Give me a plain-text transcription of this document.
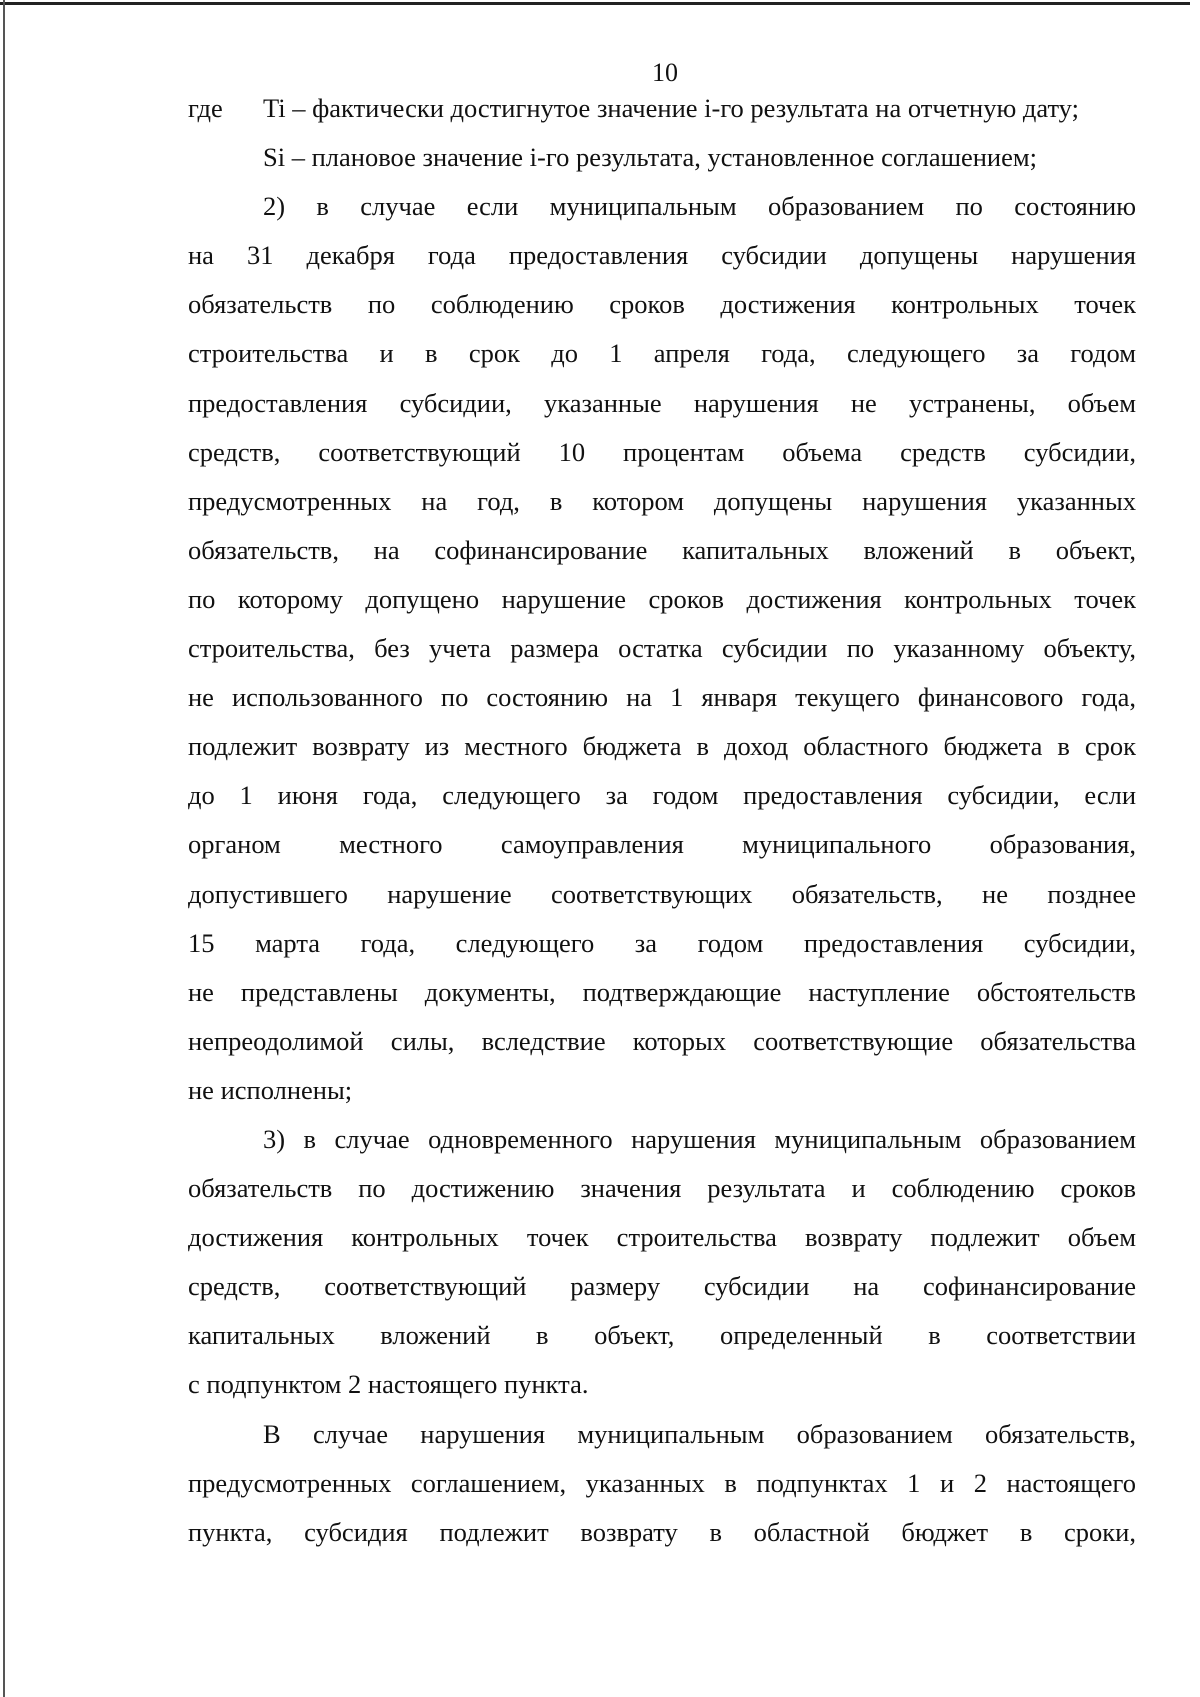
10
где Ti – фактически достигнутое значение i-го результата на отчетную дату;
Si – плановое значение i-го результата, установленное соглашением;
2) в случае если муниципальным образованием по состоянию
на 31 декабря года предоставления субсидии допущены нарушения
обязательств по соблюдению сроков достижения контрольных точек
строительства и в срок до 1 апреля года, следующего за годом
предоставления субсидии, указанные нарушения не устранены, объем
средств, соответствующий 10 процентам объема средств субсидии,
предусмотренных на год, в котором допущены нарушения указанных
обязательств, на софинансирование капитальных вложений в объект,
по которому допущено нарушение сроков достижения контрольных точек
строительства, без учета размера остатка субсидии по указанному объекту,
не использованного по состоянию на 1 января текущего финансового года,
подлежит возврату из местного бюджета в доход областного бюджета в срок
до 1 июня года, следующего за годом предоставления субсидии, если
органом местного самоуправления муниципального образования,
допустившего нарушение соответствующих обязательств, не позднее
15 марта года, следующего за годом предоставления субсидии,
не представлены документы, подтверждающие наступление обстоятельств
непреодолимой силы, вследствие которых соответствующие обязательства
не исполнены;
3) в случае одновременного нарушения муниципальным образованием
обязательств по достижению значения результата и соблюдению сроков
достижения контрольных точек строительства возврату подлежит объем
средств, соответствующий размеру субсидии на софинансирование
капитальных вложений в объект, определенный в соответствии
с подпунктом 2 настоящего пункта.
В случае нарушения муниципальным образованием обязательств,
предусмотренных соглашением, указанных в подпунктах 1 и 2 настоящего
пункта, субсидия подлежит возврату в областной бюджет в сроки,
